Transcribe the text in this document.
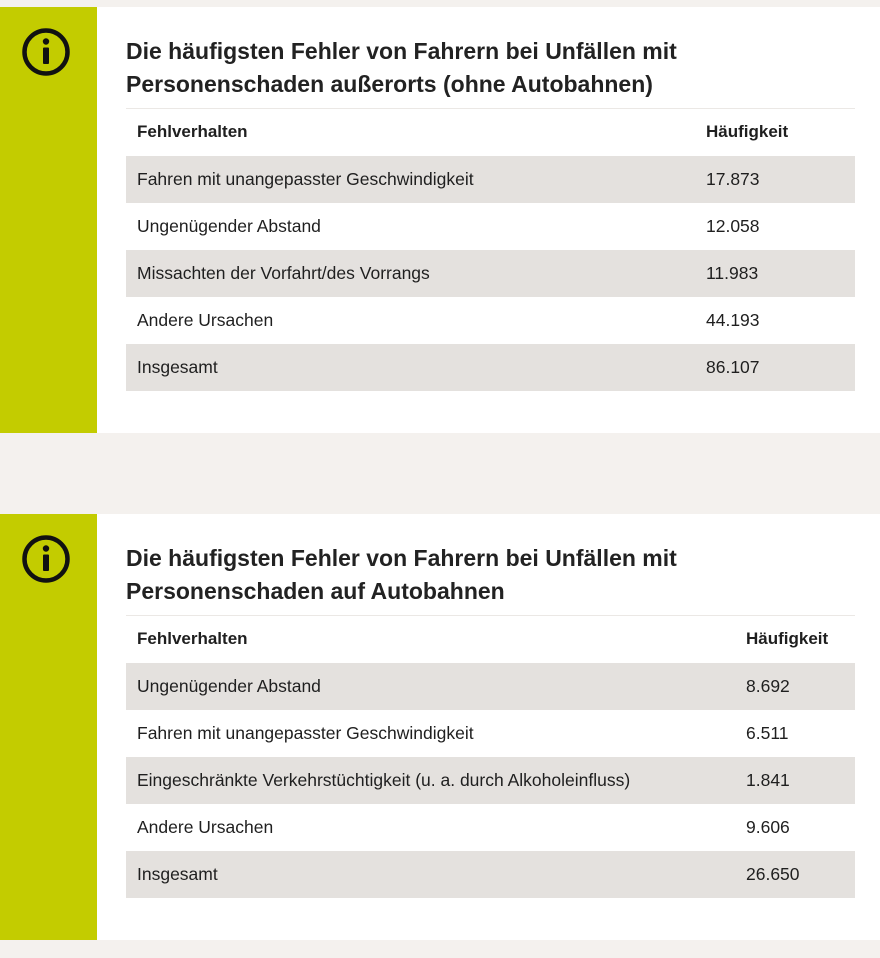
Die häufigsten Fehler von Fahrern bei Unfällen mit Personenschaden außerorts (ohne Autobahnen)
Fehlverhalten	Häufigkeit
Fahren mit unangepasster Geschwindigkeit	17.873
Ungenügender Abstand	12.058
Missachten der Vorfahrt/des Vorrangs	11.983
Andere Ursachen	44.193
Insgesamt	86.107
Die häufigsten Fehler von Fahrern bei Unfällen mit Personenschaden auf Autobahnen
Fehlverhalten	Häufigkeit
Ungenügender Abstand	8.692
Fahren mit unangepasster Geschwindigkeit	6.511
Eingeschränkte Verkehrstüchtigkeit (u. a. durch Alkoholeinfluss)	1.841
Andere Ursachen	9.606
Insgesamt	26.650
